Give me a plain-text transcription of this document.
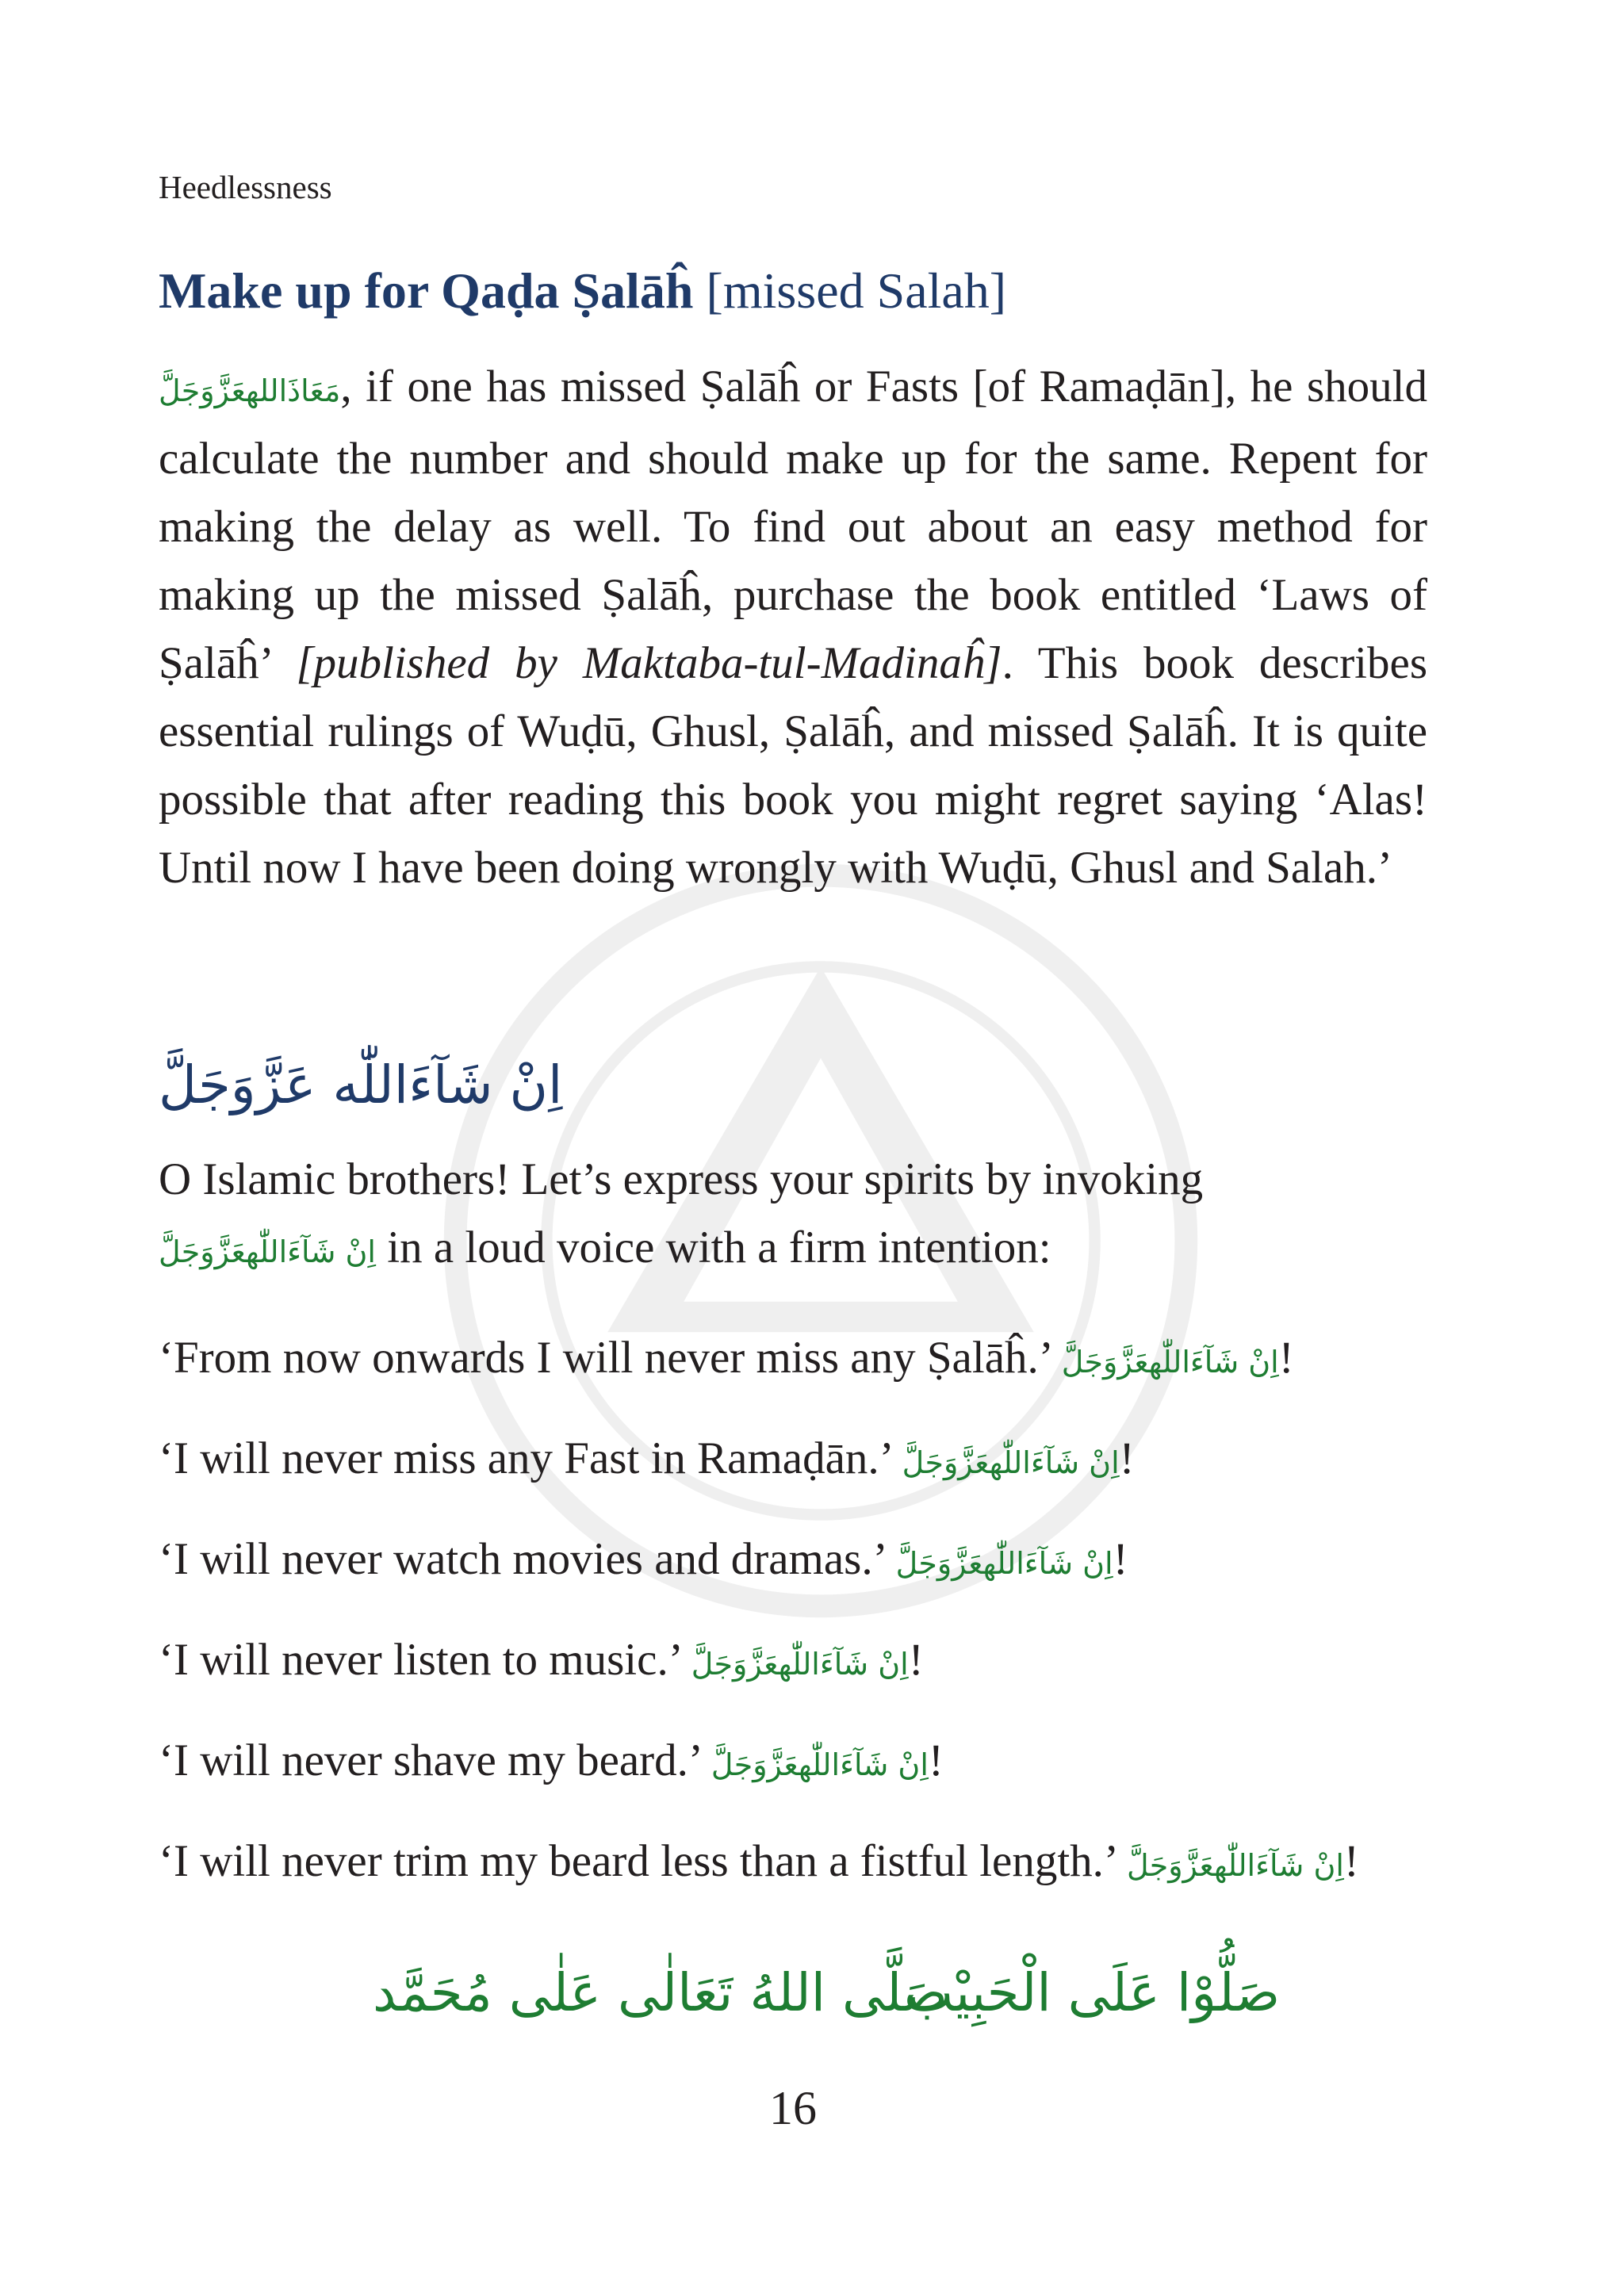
Heedlessness
Make up for Qaḍa Ṣalāĥ [missed Salah]
مَعَاذَاللهعَزَّوَجَلَّ, if one has missed Ṣalāĥ or Fasts [of Ramaḍān], he should calculate the number and should make up for the same. Repent for making the delay as well. To find out about an easy method for making up the missed Ṣalāĥ, purchase the book entitled ‘Laws of Ṣalāĥ’ [published by Maktaba-tul-Madinaĥ]. This book describes essential rulings of Wuḍū, Ghusl, Ṣalāĥ, and missed Ṣalāĥ. It is quite possible that after reading this book you might regret saying ‘Alas! Until now I have been doing wrongly with Wuḍū, Ghusl and Salah.’
اِنْ شَآءَاللّٰه عَزَّوَجَلَّ
O Islamic brothers! Let’s express your spirits by invoking
اِنْ شَآءَاللّٰهعَزَّوَجَلَّ in a loud voice with a firm intention:
‘From now onwards I will never miss any Ṣalāĥ.’ اِنْ شَآءَاللّٰهعَزَّوَجَلَّ!
‘I will never miss any Fast in Ramaḍān.’ اِنْ شَآءَاللّٰهعَزَّوَجَلَّ!
‘I will never watch movies and dramas.’ اِنْ شَآءَاللّٰهعَزَّوَجَلَّ!
‘I will never listen to music.’ اِنْ شَآءَاللّٰهعَزَّوَجَلَّ!
‘I will never shave my beard.’ اِنْ شَآءَاللّٰهعَزَّوَجَلَّ!
‘I will never trim my beard less than a fistful length.’ اِنْ شَآءَاللّٰهعَزَّوَجَلَّ!
صَلُّوْا عَلَى الْحَبِيْب
صَلَّى اللهُ تَعَالٰى عَلٰى مُحَمَّد
16
